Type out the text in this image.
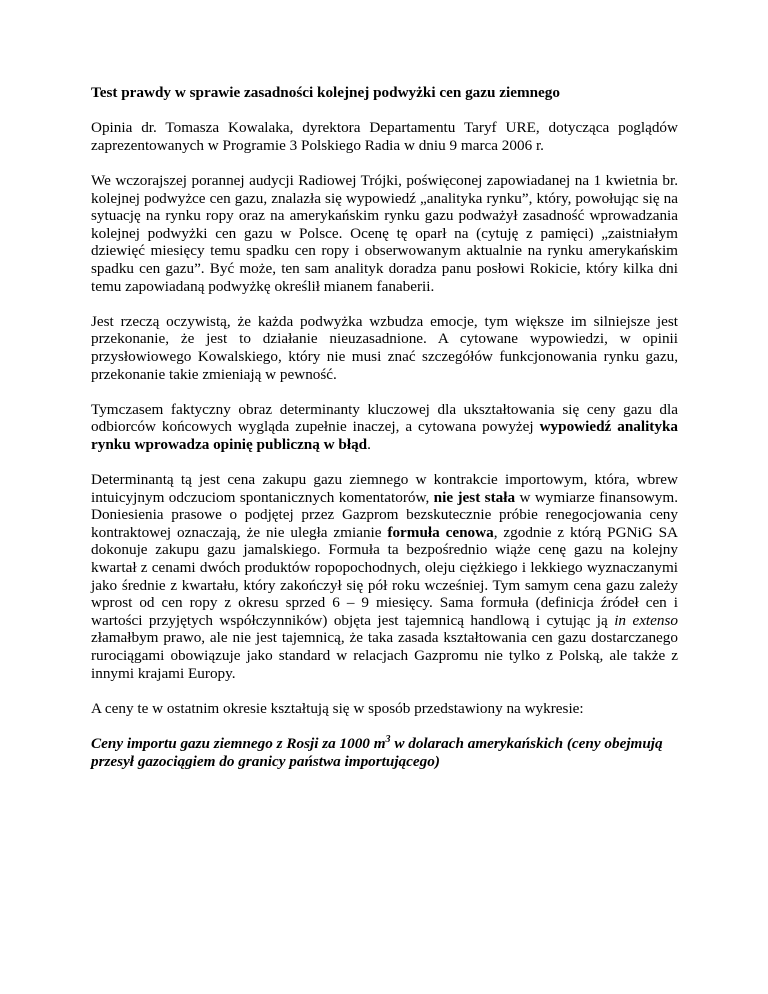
Test prawdy w sprawie zasadności kolejnej podwyżki cen gazu ziemnego

Opinia dr. Tomasza Kowalaka, dyrektora Departamentu Taryf URE, dotycząca poglądów zaprezentowanych w Programie 3 Polskiego Radia w dniu 9 marca 2006 r.

We wczorajszej porannej audycji Radiowej Trójki, poświęconej zapowiadanej na 1 kwietnia br. kolejnej podwyżce cen gazu, znalazła się wypowiedź „analityka rynku”, który, powołując się na sytuację na rynku ropy oraz na amerykańskim rynku gazu podważył zasadność wprowadzania kolejnej podwyżki cen gazu w Polsce. Ocenę tę oparł na (cytuję z pamięci) „zaistniałym dziewięć miesięcy temu spadku cen ropy i obserwowanym aktualnie na rynku amerykańskim spadku cen gazu”. Być może, ten sam analityk doradza panu posłowi Rokicie, który kilka dni temu zapowiadaną podwyżkę określił mianem fanaberii.

Jest rzeczą oczywistą, że każda podwyżka wzbudza emocje, tym większe im silniejsze jest przekonanie, że jest to działanie nieuzasadnione. A cytowane wypowiedzi, w opinii przysłowiowego Kowalskiego, który nie musi znać szczegółów funkcjonowania rynku gazu, przekonanie takie zmieniają w pewność.

Tymczasem faktyczny obraz determinanty kluczowej dla ukształtowania się ceny gazu dla odbiorców końcowych wygląda zupełnie inaczej, a cytowana powyżej wypowiedź analityka rynku wprowadza opinię publiczną w błąd.

Determinantą tą jest cena zakupu gazu ziemnego w kontrakcie importowym, która, wbrew intuicyjnym odczuciom spontanicznych komentatorów, nie jest stała w wymiarze finansowym. Doniesienia prasowe o podjętej przez Gazprom bezskutecznie próbie renegocjowania ceny kontraktowej oznaczają, że nie uległa zmianie formuła cenowa, zgodnie z którą PGNiG SA dokonuje zakupu gazu jamalskiego. Formuła ta bezpośrednio wiąże cenę gazu na kolejny kwartał z cenami dwóch produktów ropopochodnych, oleju ciężkiego i lekkiego wyznaczanymi jako średnie z kwartału, który zakończył się pół roku wcześniej. Tym samym cena gazu zależy wprost od cen ropy z okresu sprzed 6 – 9 miesięcy. Sama formuła (definicja źródeł cen i wartości przyjętych współczynników) objęta jest tajemnicą handlową i cytując ją in extenso złamałbym prawo, ale nie jest tajemnicą, że taka zasada kształtowania cen gazu dostarczanego rurociągami obowiązuje jako standard w relacjach Gazpromu nie tylko z Polską, ale także z innymi krajami Europy.

A ceny te w ostatnim okresie kształtują się w sposób przedstawiony na wykresie:

Ceny importu gazu ziemnego z Rosji za 1000 $m^3$ w dolarach amerykańskich (ceny obejmują przesył gazociągiem do granicy państwa importującego)
